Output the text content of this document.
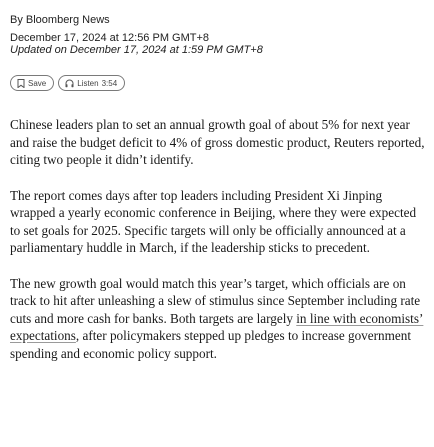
By Bloomberg News
December 17, 2024 at 12:56 PM GMT+8
Updated on December 17, 2024 at 1:59 PM GMT+8
Save	Listen 3:54

Chinese leaders plan to set an annual growth goal of about 5% for next year and raise the budget deficit to 4% of gross domestic product, Reuters reported, citing two people it didn’t identify.

The report comes days after top leaders including President Xi Jinping wrapped a yearly economic conference in Beijing, where they were expected to set goals for 2025. Specific targets will only be officially announced at a parliamentary huddle in March, if the leadership sticks to precedent.

The new growth goal would match this year’s target, which officials are on track to hit after unleashing a slew of stimulus since September including rate cuts and more cash for banks. Both targets are largely in line with economists’ expectations, after policymakers stepped up pledges to increase government spending and economic policy support.
